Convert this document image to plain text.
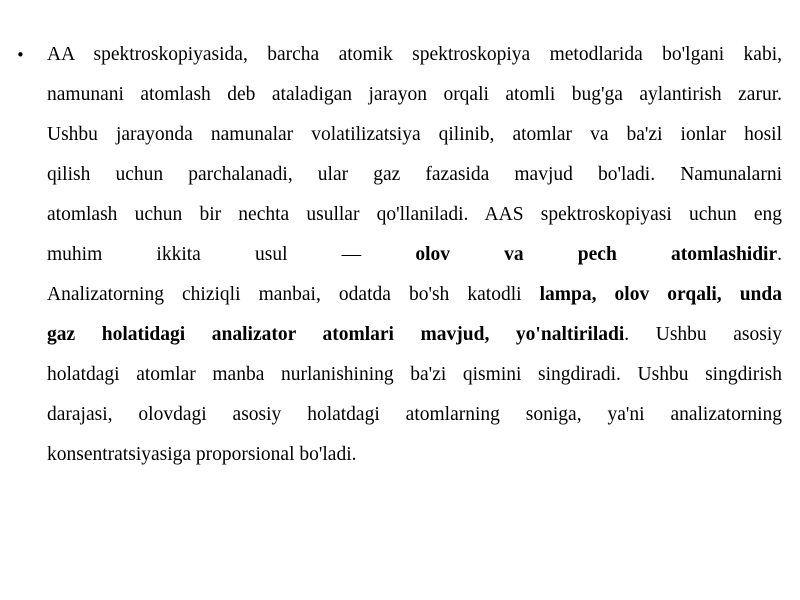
•	AA spektroskopiyasida, barcha atomik spektroskopiya metodlarida bo'lgani kabi,
namunani atomlash deb ataladigan jarayon orqali atomli bug'ga aylantirish zarur.
Ushbu jarayonda namunalar volatilizatsiya qilinib, atomlar va ba'zi ionlar hosil
qilish uchun parchalanadi, ular gaz fazasida mavjud bo'ladi. Namunalarni
atomlash uchun bir nechta usullar qo'llaniladi. AAS spektroskopiyasi uchun eng
muhim ikkita usul — olov va pech atomlashidir.
Analizatorning chiziqli manbai, odatda bo'sh katodli lampa, olov orqali, unda
gaz holatidagi analizator atomlari mavjud, yo'naltiriladi. Ushbu asosiy
holatdagi atomlar manba nurlanishining ba'zi qismini singdiradi. Ushbu singdirish
darajasi, olovdagi asosiy holatdagi atomlarning soniga, ya'ni analizatorning
konsentratsiyasiga proporsional bo'ladi.
